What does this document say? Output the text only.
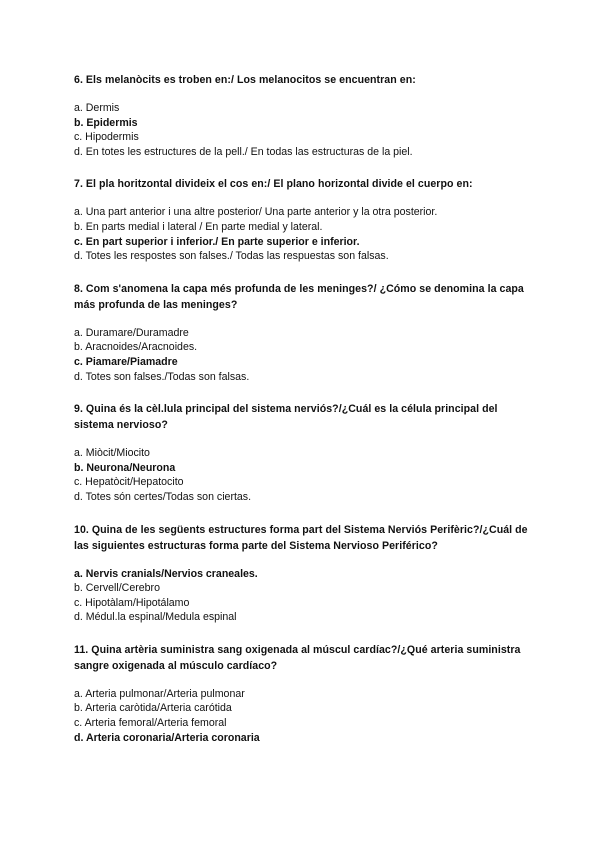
6. Els melanòcits es troben en:/ Los melanocitos se encuentran en:

a. Dermis

b. Epidermis

c. Hipodermis

d. En totes les estructures de la pell./ En todas las estructuras de la piel.

7. El pla horitzontal divideix el cos en:/ El plano horizontal divide el cuerpo en:

a. Una part anterior i una altre posterior/ Una parte anterior y la otra posterior.

b. En parts medial i lateral / En parte medial y lateral.

c. En part superior i inferior./ En parte superior e inferior.

d. Totes les respostes son falses./ Todas las respuestas son falsas.

8. Com s'anomena la capa més profunda de les meninges?/ ¿Cómo se denomina la capa más profunda de las meninges?

a. Duramare/Duramadre

b. Aracnoides/Aracnoides.

c. Piamare/Piamadre

d. Totes son falses./Todas son falsas.

9. Quina és la cèl.lula principal del sistema nerviós?/¿Cuál es la célula principal del sistema nervioso?

a. Miòcit/Miocito

b. Neurona/Neurona

c. Hepatòcit/Hepatocito

d. Totes són certes/Todas son ciertas.

10. Quina de les següents estructures forma part del Sistema Nerviós Perifèric?/¿Cuál de las siguientes estructuras forma parte del Sistema Nervioso Periférico?

a. Nervis cranials/Nervios craneales.

b. Cervell/Cerebro

c. Hipotàlam/Hipotálamo

d. Médul.la espinal/Medula espinal

11. Quina artèria suministra sang oxigenada al múscul cardíac?/¿Qué arteria suministra sangre oxigenada al músculo cardíaco?

a. Arteria pulmonar/Arteria pulmonar

b. Arteria caròtida/Arteria carótida

c. Arteria femoral/Arteria femoral

d. Arteria coronaria/Arteria coronaria
